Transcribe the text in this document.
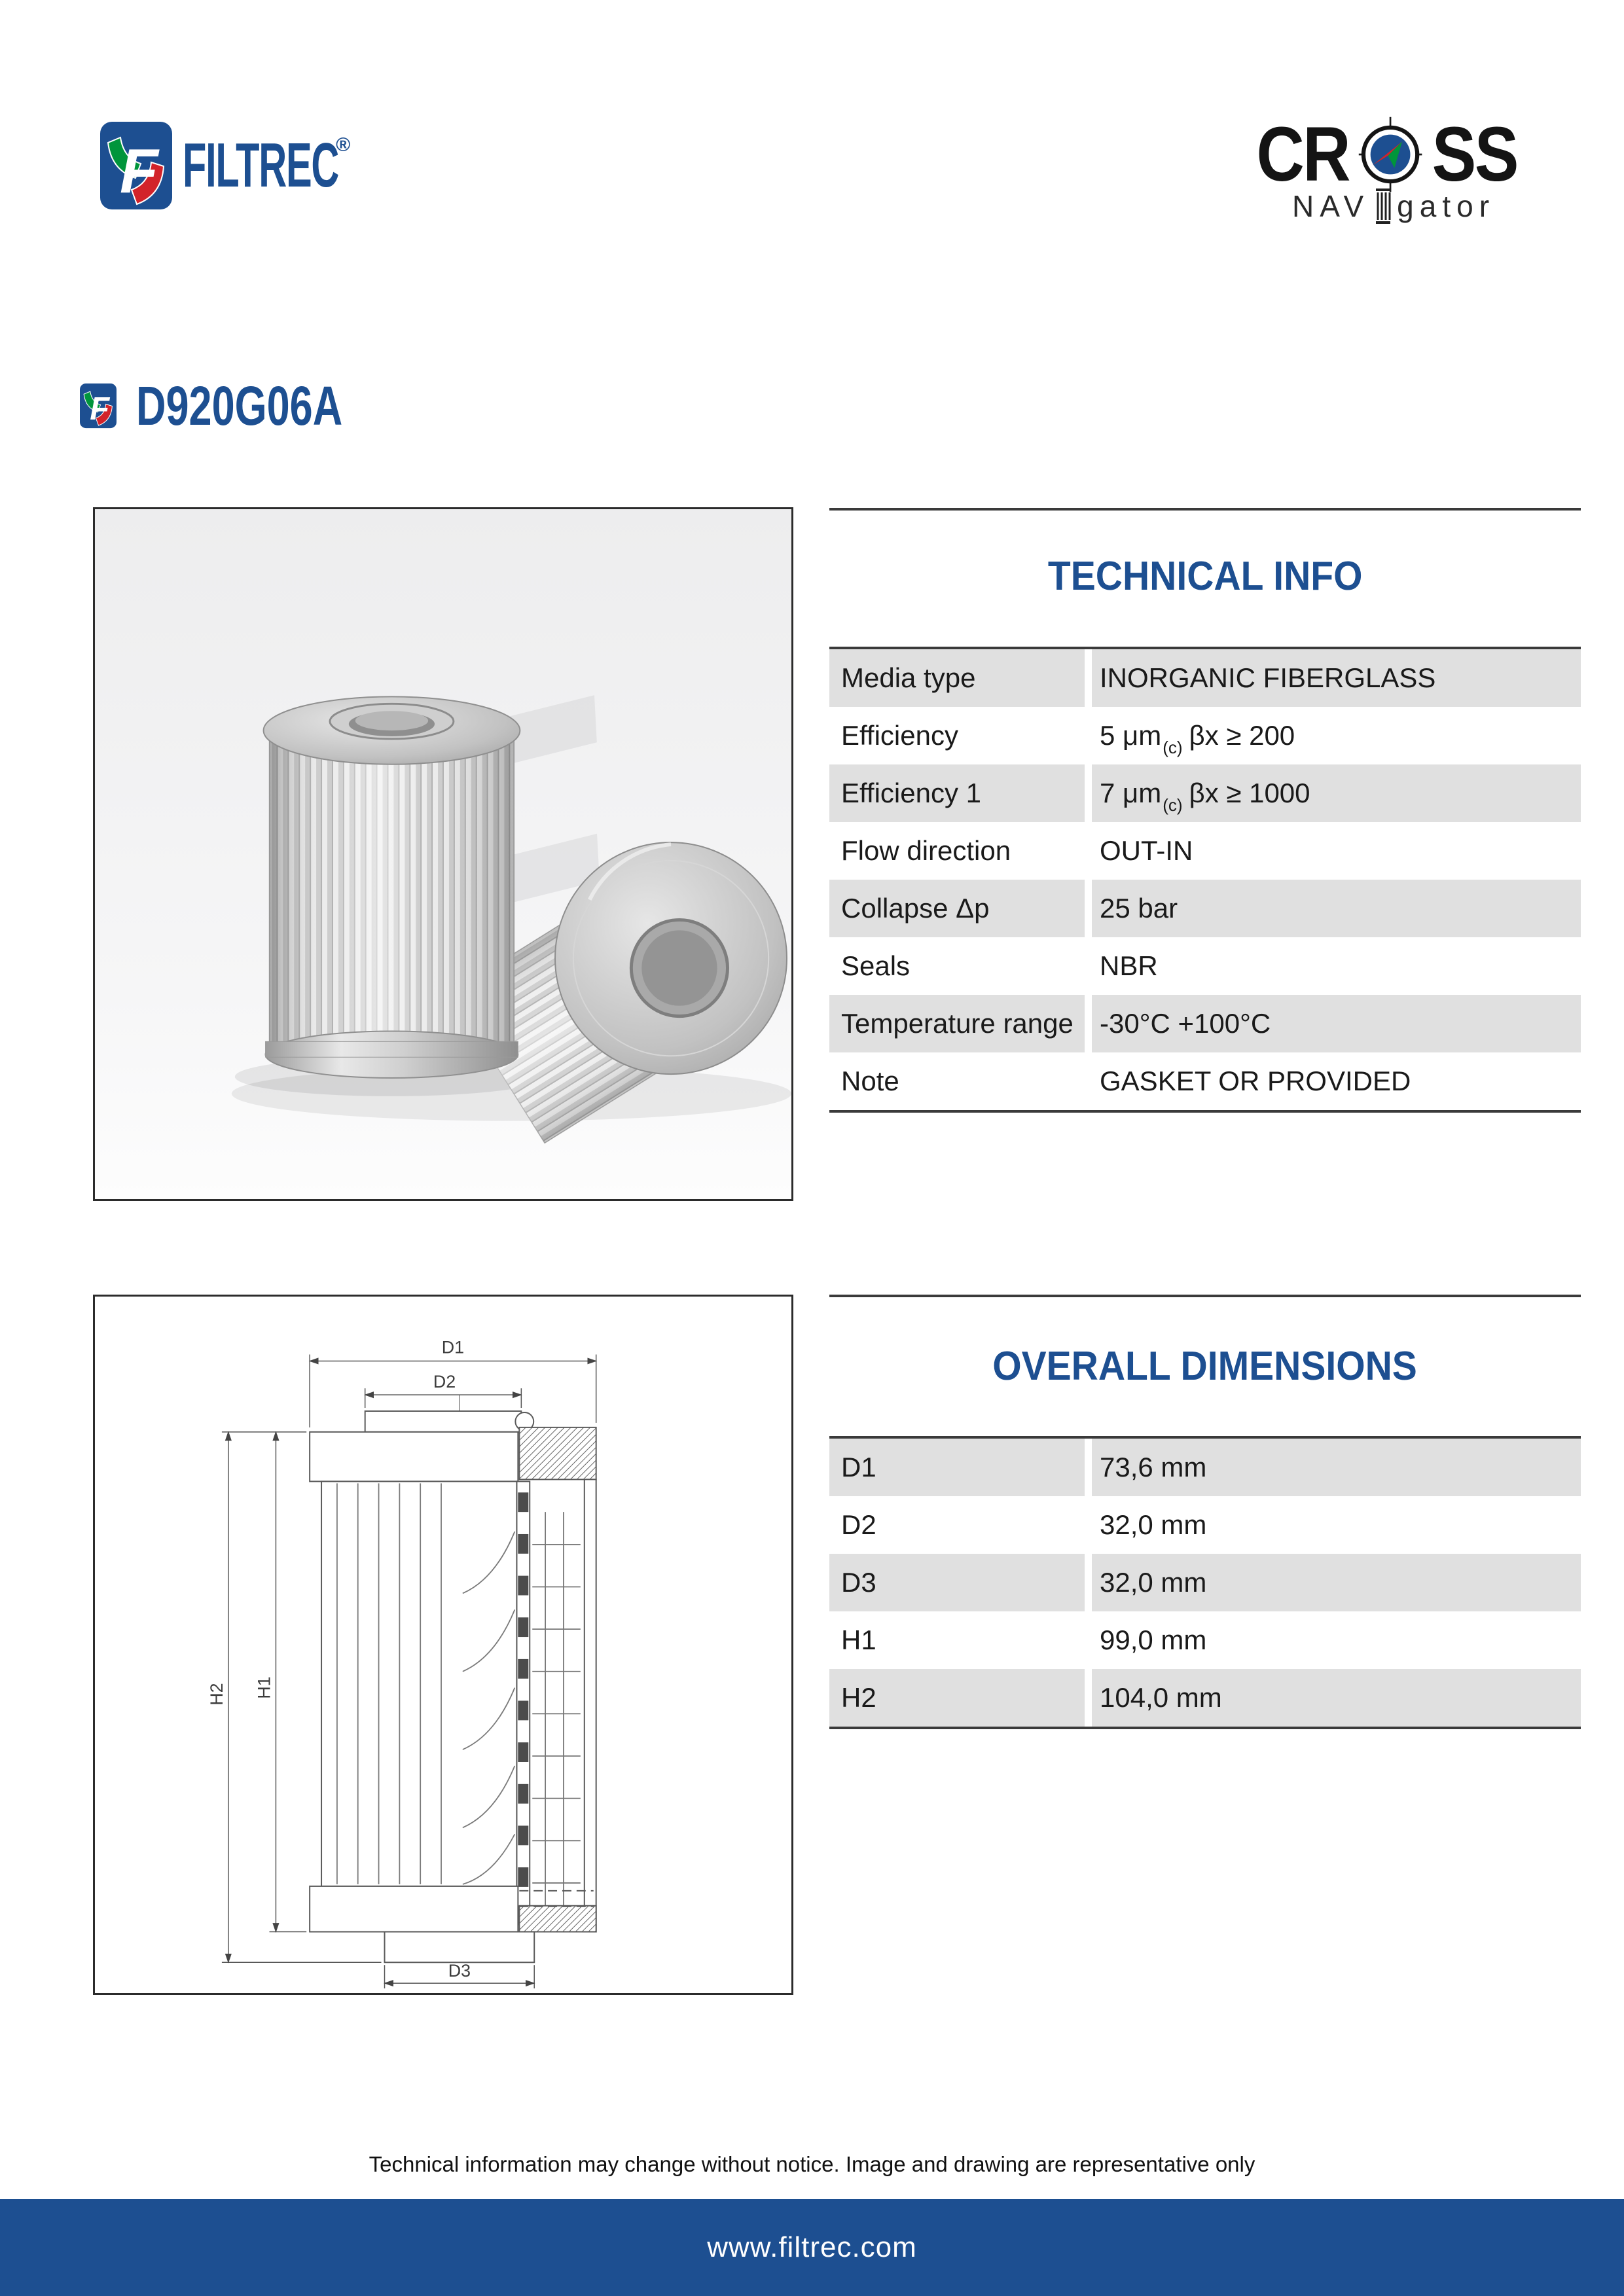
FILTREC
®	CR SS
NAV gator
D920G06A
TECHNICAL INFO
Media type	INORGANIC FIBERGLASS
Efficiency	5 μm (c) βx ≥ 200
Efficiency 1	7 μm (c) βx ≥ 1000
Flow direction	OUT-IN
Collapse Δp	25 bar
Seals	NBR
Temperature range -30°C +100°C
Note	GASKET OR PROVIDED
D1
D2
D3
H2 H1
OVERALL DIMENSIONS
D1	73,6 mm
D2	32,0 mm
D3	32,0 mm
H1	99,0 mm
H2	104,0 mm
Technical information may change without notice. Image and drawing are representative only
www.filtrec.com
